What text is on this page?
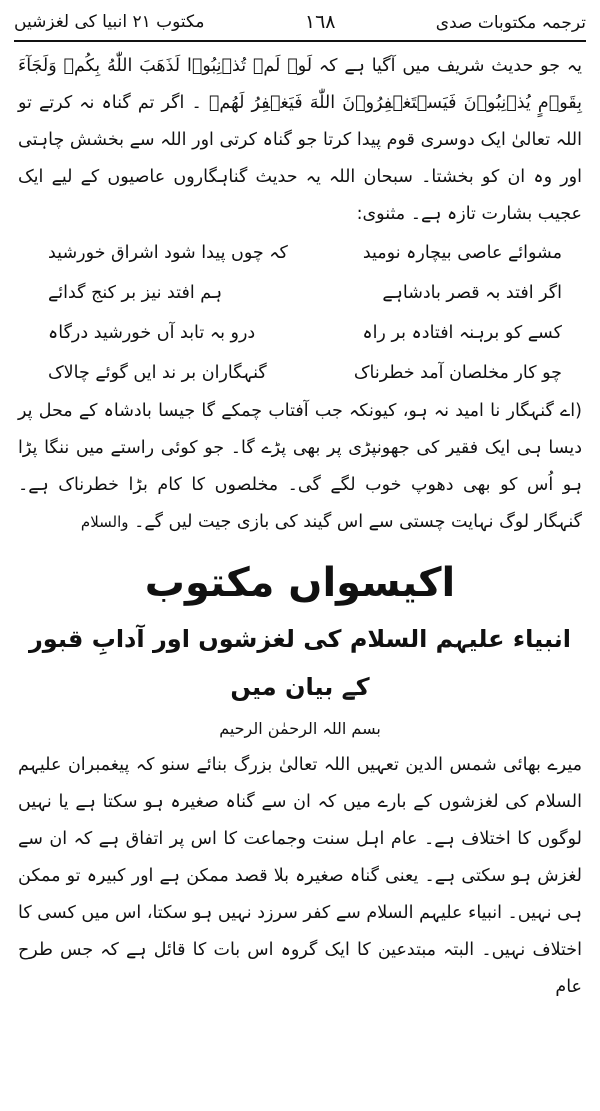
مکتوب ٢١ انبیا کی لغزشیں	١٦٨	ترجمہ مکتوبات صدی

یہ جو حدیث شریف میں آگیا ہے کہ لَوۡ لَمۡ تُذۡنِبُوۡا لَذَهَبَ اللّٰهُ بِکُمۡ وَلَجَآءَ بِقَوۡمٍ یُذۡنِبُوۡنَ فَیَسۡتَغۡفِرُوۡنَ اللّٰهَ فَیَغۡفِرُ لَهُمۡ ۔ اگر تم گناہ نہ کرتے تو اللہ تعالیٰ ایک دوسری قوم پیدا کرتا جو گناہ کرتی اور اللہ سے بخشش چاہتی اور وہ ان کو بخشتا۔ سبحان اللہ یہ حدیث گناہگاروں عاصیوں کے لیے ایک عجیب بشارت تازہ ہے۔ مثنوی:

مشوائے عاصی بیچارہ نومید
کہ چوں پیدا شود اشراق خورشید
اگر افتد بہ قصر بادشاہے
ہم افتد نیز بر کنج گدائے
کسے کو برہنہ افتادہ بر راہ
درو بہ تابد آں خورشید درگاہ
چو کار مخلصان آمد خطرناک
گنہگاران بر ند ایں گوئے چالاک

(اے گنہگار نا امید نہ ہو، کیونکہ جب آفتاب چمکے گا جیسا بادشاہ کے محل پر دیسا ہی ایک فقیر کی جھونپڑی پر بھی پڑے گا۔ جو کوئی راستے میں ننگا پڑا ہو اُس کو بھی دھوپ خوب لگے گی۔ مخلصوں کا کام بڑا خطرناک ہے۔ گنہگار لوگ نہایت چستی سے اس گیند کی بازی جیت لیں گے۔ والسلام

اکیسواں مکتوب
انبیاء علیہم السلام کی لغزشوں اور آدابِ قبور کے بیان میں
بسم اللہ الرحمٰن الرحیم

میرے بھائی شمس الدین تعہیں اللہ تعالیٰ بزرگ بنائے سنو کہ پیغمبران علیہم السلام کی لغزشوں کے بارے میں کہ ان سے گناہ صغیرہ ہو سکتا ہے یا نہیں لوگوں کا اختلاف ہے۔ عام اہل سنت وجماعت کا اس پر اتفاق ہے کہ ان سے لغزش ہو سکتی ہے۔ یعنی گناہ صغیرہ بلا قصد ممکن ہے اور کبیرہ تو ممکن ہی نہیں۔ انبیاء علیہم السلام سے کفر سرزد نہیں ہو سکتا، اس میں کسی کا اختلاف نہیں۔ البتہ مبتدعین کا ایک گروہ اس بات کا قائل ہے کہ جس طرح عام
